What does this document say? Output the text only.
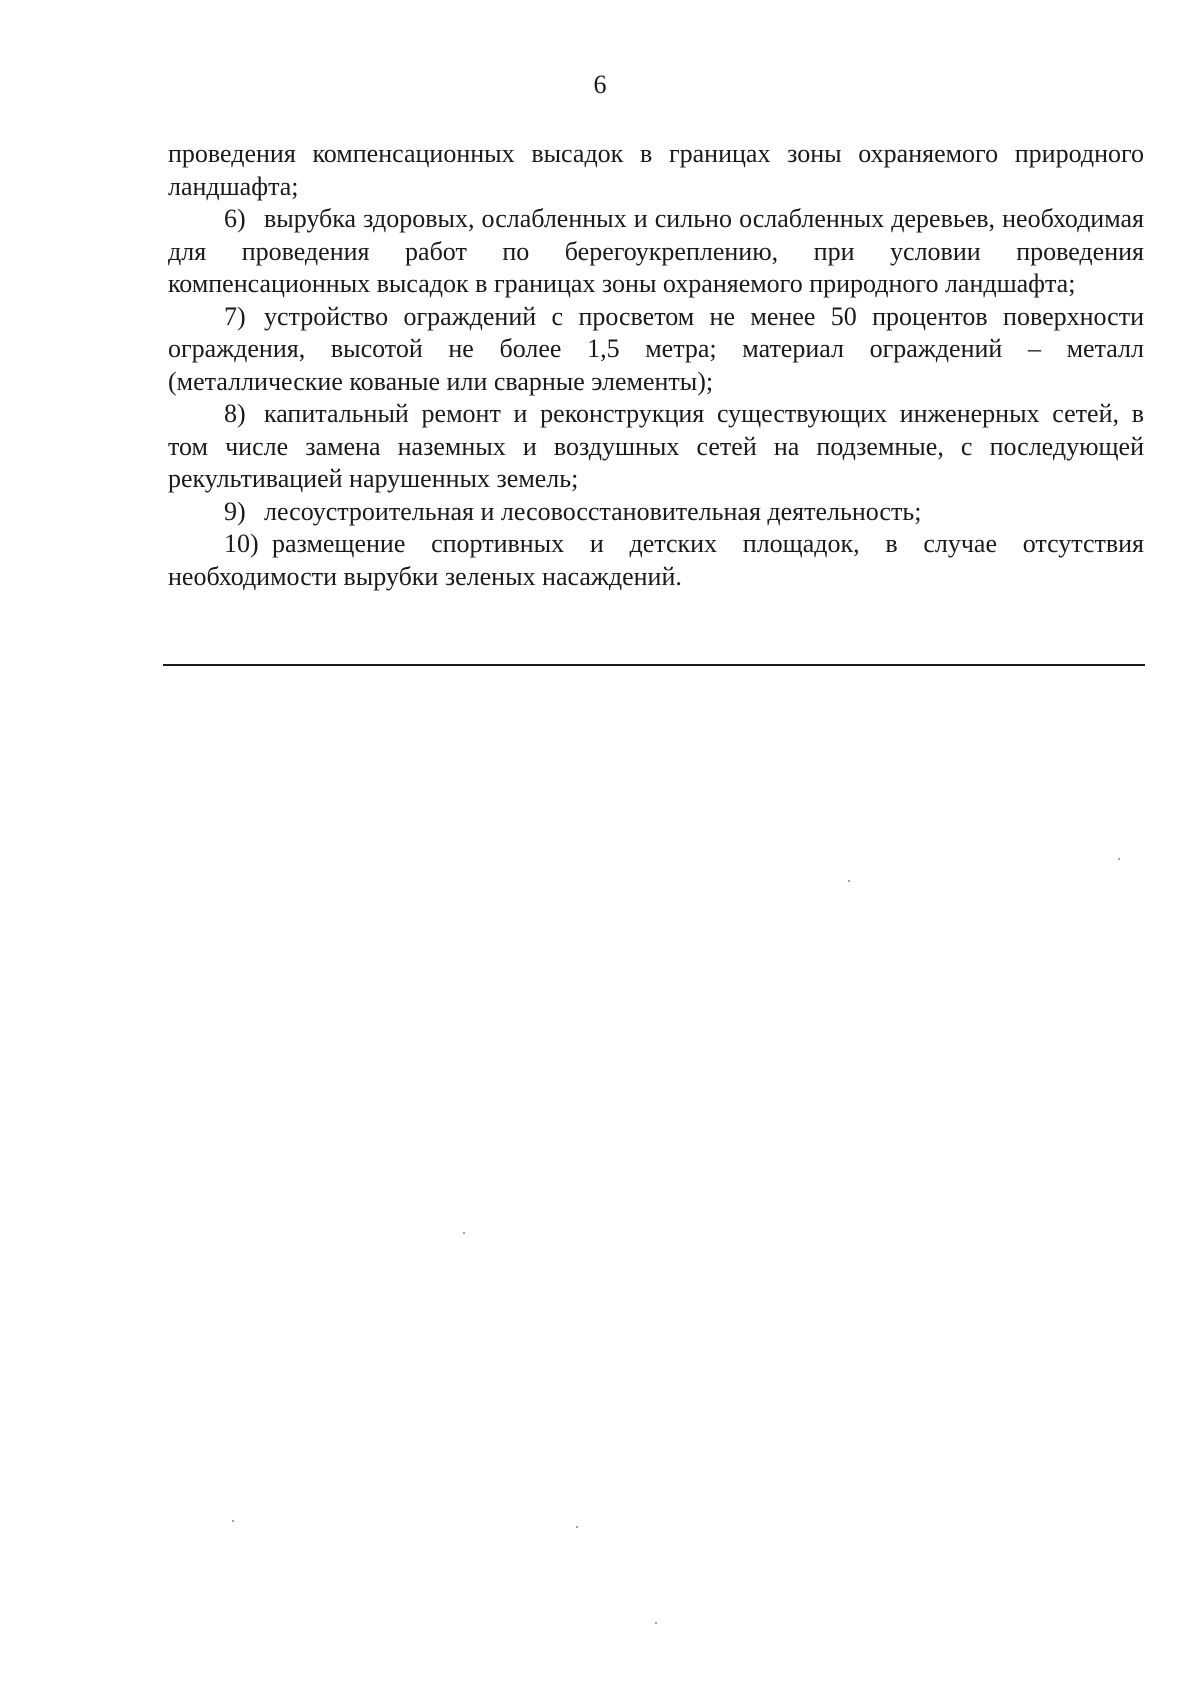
6

проведения компенсационных высадок в границах зоны охраняемого природного ландшафта;

6) вырубка здоровых, ослабленных и сильно ослабленных деревьев, необходимая для проведения работ по берегоукреплению, при условии проведения компенсационных высадок в границах зоны охраняемого природного ландшафта;

7) устройство ограждений с просветом не менее 50 процентов поверхности ограждения, высотой не более 1,5 метра; материал ограждений – металл (металлические кованые или сварные элементы);

8) капитальный ремонт и реконструкция существующих инженерных сетей, в том числе замена наземных и воздушных сетей на подземные, с последующей рекультивацией нарушенных земель;

9) лесоустроительная и лесовосстановительная деятельность;

10) размещение спортивных и детских площадок, в случае отсутствия необходимости вырубки зеленых насаждений.
